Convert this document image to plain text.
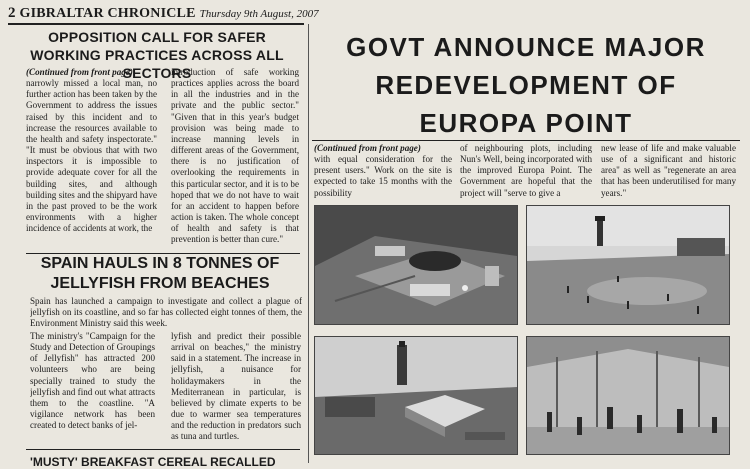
2 GIBRALTAR CHRONICLE Thursday 9th August, 2007
OPPOSITION CALL FOR SAFER WORKING PRACTICES ACROSS ALL SECTORS

(Continued from front page)

narrowly missed a local man, no further action has been taken by the Government to address the issues raised by this incident and to increase the resources available to the health and safety inspectorate." "It must be obvious that with two inspectors it is impossible to provide adequate cover for all the building sites, and although building sites and the shipyard have in the past proved to be the work environments with a higher incidence of accidents at work, the

introduction of safe working practices applies across the board in all the industries and in the private and the public sector." "Given that in this year's budget provision was being made to increase manning levels in different areas of the Government, there is no justification of overlooking the requirements in this particular sector, and it is to be hoped that we do not have to wait for an accident to happen before action is taken. The whole concept of health and safety is that prevention is better than cure."

SPAIN HAULS IN 8 TONNES OF JELLYFISH FROM BEACHES

Spain has launched a campaign to investigate and collect a plague of jellyfish on its coastline, and so far has collected eight tonnes of them, the Environment Ministry said this week.

The ministry's "Campaign for the Study and Detection of Groupings of Jellyfish" has attracted 200 volunteers who are being specially trained to study the jellyfish and find out what attracts them to the coastline. "A vigilance network has been created to detect banks of jel-

lyfish and predict their possible arrival on beaches," the ministry said in a statement. The increase in jellyfish, a nuisance for holidaymakers in the Mediterranean in particular, is believed by climate experts to be due to warmer sea temperatures and the reduction in predators such as tuna and turtles.

'MUSTY' BREAKFAST CEREAL RECALLED
GOVT ANNOUNCE MAJOR REDEVELOPMENT OF EUROPA POINT

(Continued from front page)

with equal consideration for the present users." Work on the site is expected to take 15 months with the possibility

of neighbouring plots, including Nun's Well, being incorporated with the improved Europa Point. The Government are hopeful that the project will "serve to give a

new lease of life and make valuable use of a significant and historic area" as well as "regenerate an area that has been underutilised for many years."
